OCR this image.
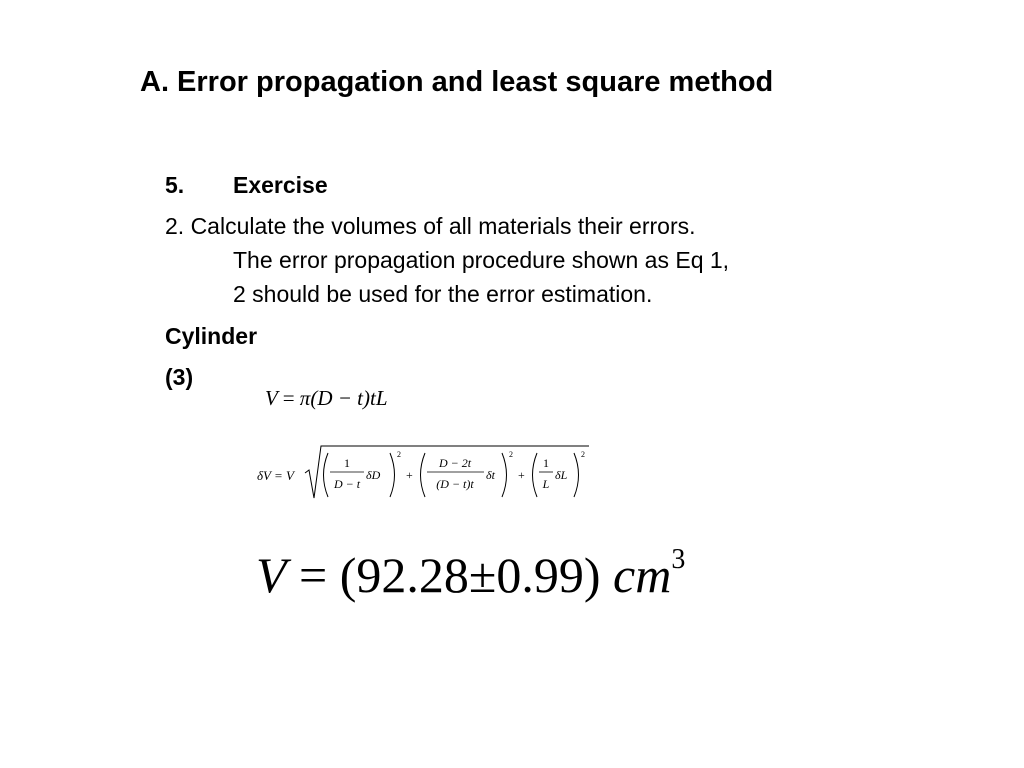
A. Error propagation and least square method
5. Exercise
2. Calculate the volumes of all materials their errors.
The error propagation procedure shown as Eq 1,
2 should be used for the error estimation.
Cylinder
(3)
V = π(D − t)tL
δV = V
1
D − t
δD
2
+
D − 2t
(D − t)t
δt
2
+
1
L
δL
2
V = (92.28±0.99) $cm^3$
